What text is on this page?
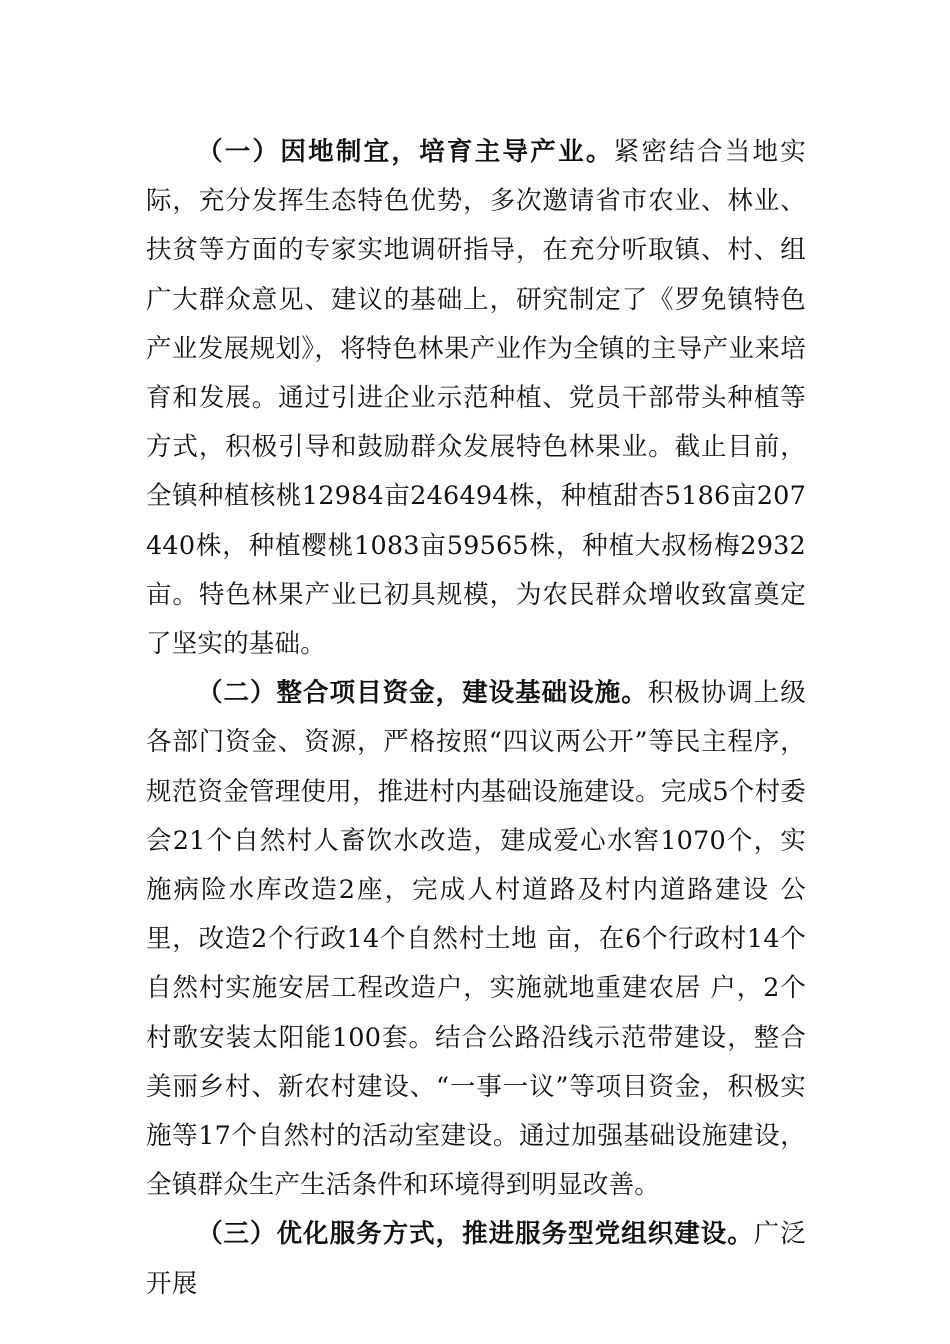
（一）因地制宜，培育主导产业。紧密结合当地实际，充分发挥生态特色优势，多次邀请省市农业、林业、扶贫等方面的专家实地调研指导，在充分听取镇、村、组广大群众意见、建议的基础上，研究制定了《罗免镇特色产业发展规划》，将特色林果产业作为全镇的主导产业来培育和发展。通过引进企业示范种植、党员干部带头种植等方式，积极引导和鼓励群众发展特色林果业。截止目前，全镇种植核桃12984亩246494株，种植甜杏5186亩207440株，种植樱桃1083亩59565株，种植大叔杨梅2932亩。特色林果产业已初具规模，为农民群众增收致富奠定了坚实的基础。

（二）整合项目资金，建设基础设施。积极协调上级各部门资金、资源，严格按照“四议两公开”等民主程序，规范资金管理使用，推进村内基础设施建设。完成5个村委会21个自然村人畜饮水改造，建成爱心水窖1070个，实施病险水库改造2座，完成人村道路及村内道路建设 公里，改造2个行政14个自然村土地 亩，在6个行政村14个自然村实施安居工程改造户，实施就地重建农居 户，2个村歌安装太阳能100套。结合公路沿线示范带建设，整合美丽乡村、新农村建设、“一事一议”等项目资金，积极实施等17个自然村的活动室建设。通过加强基础设施建设，全镇群众生产生活条件和环境得到明显改善。

（三）优化服务方式，推进服务型党组织建设。广泛开展
